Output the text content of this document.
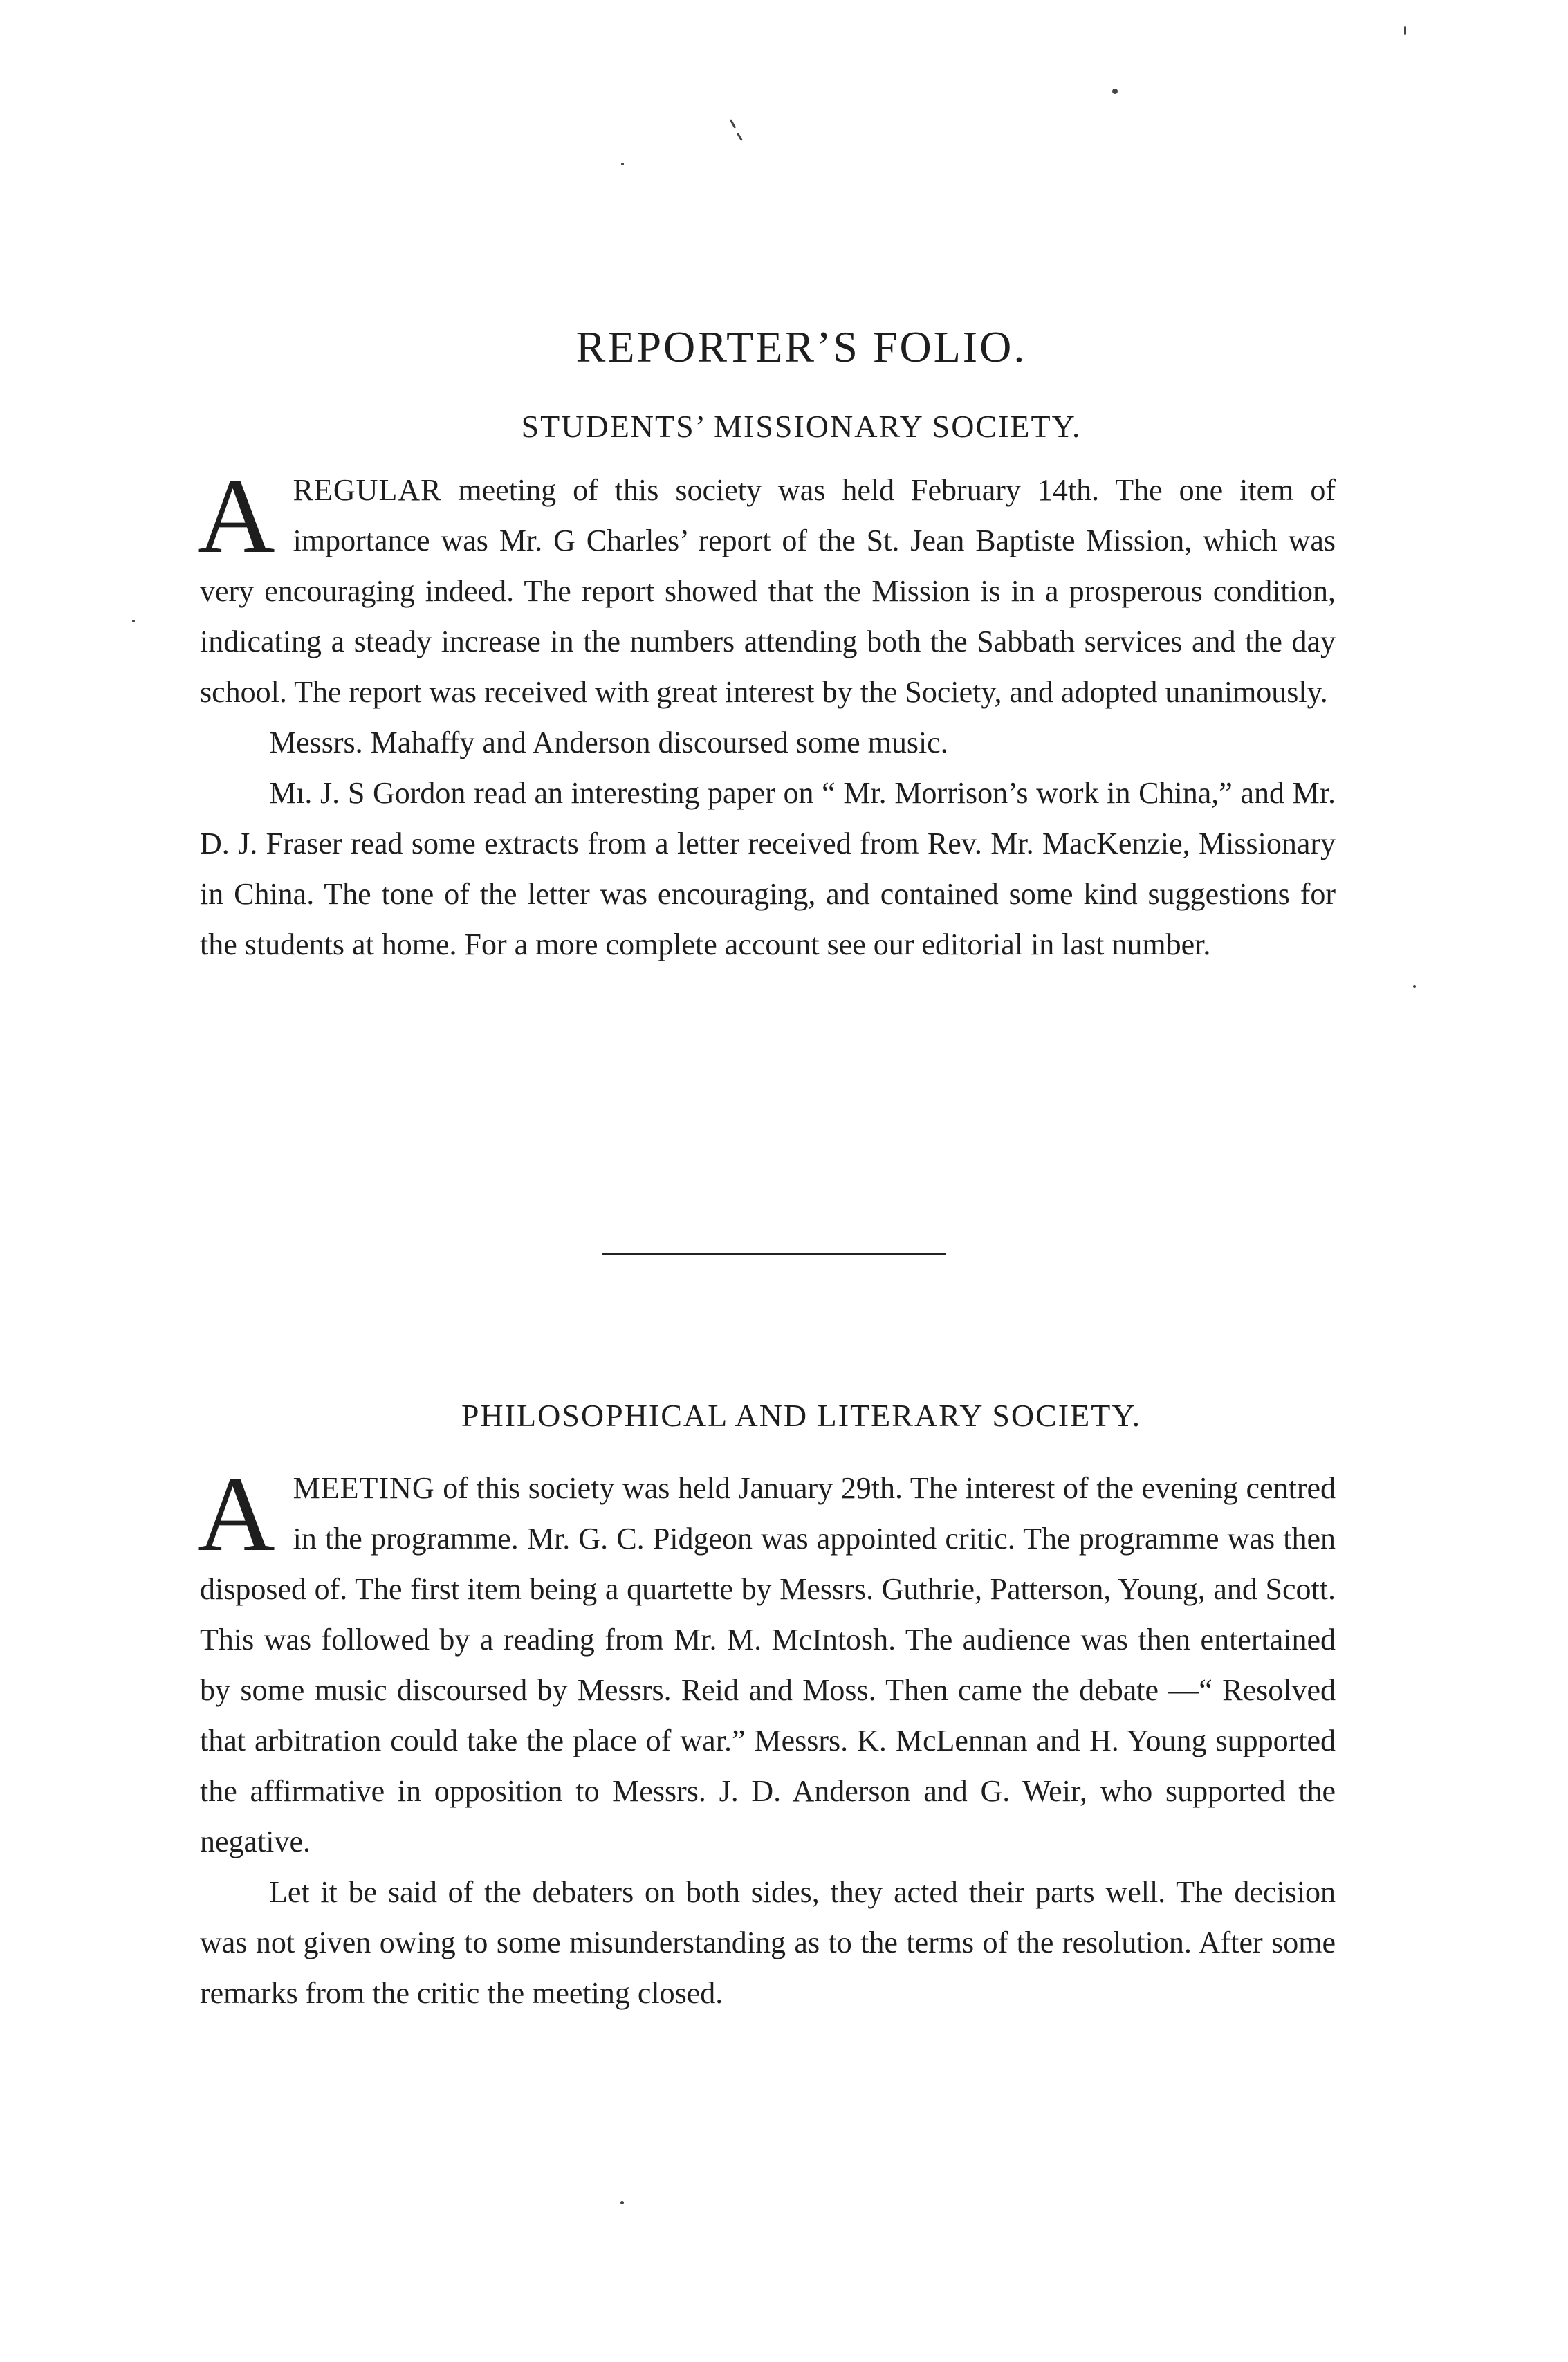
REPORTER’S FOLIO.
STUDENTS’ MISSIONARY SOCIETY.

AREGULAR meeting of this society was held February 14th. The one item of importance was Mr. G Charles’ report of the St. Jean Baptiste Mission, which was very encouraging indeed. The report showed that the Mission is in a prosperous condition, indicating a steady increase in the numbers attending both the Sabbath services and the day school. The report was received with great interest by the Society, and adopted unanimously.

Messrs. Mahaffy and Anderson discoursed some music.

Mı. J. S Gordon read an interesting paper on “ Mr. Morrison’s work in China,” and Mr. D. J. Fraser read some extracts from a letter received from Rev. Mr. MacKenzie, Missionary in China. The tone of the letter was encouraging, and contained some kind suggestions for the students at home. For a more complete account see our editorial in last number.

PHILOSOPHICAL AND LITERARY SOCIETY.

AMEETING of this society was held January 29th. The interest of the evening centred in the programme. Mr. G. C. Pidgeon was appointed critic. The programme was then disposed of. The first item being a quartette by Messrs. Guthrie, Patterson, Young, and Scott. This was followed by a reading from Mr. M. McIntosh. The audience was then entertained by some music discoursed by Messrs. Reid and Moss. Then came the debate —“ Resolved that arbitration could take the place of war.” Messrs. K. McLennan and H. Young supported the affirmative in opposition to Messrs. J. D. Anderson and G. Weir, who supported the negative.

Let it be said of the debaters on both sides, they acted their parts well. The decision was not given owing to some misunderstanding as to the terms of the resolution. After some remarks from the critic the meeting closed.
